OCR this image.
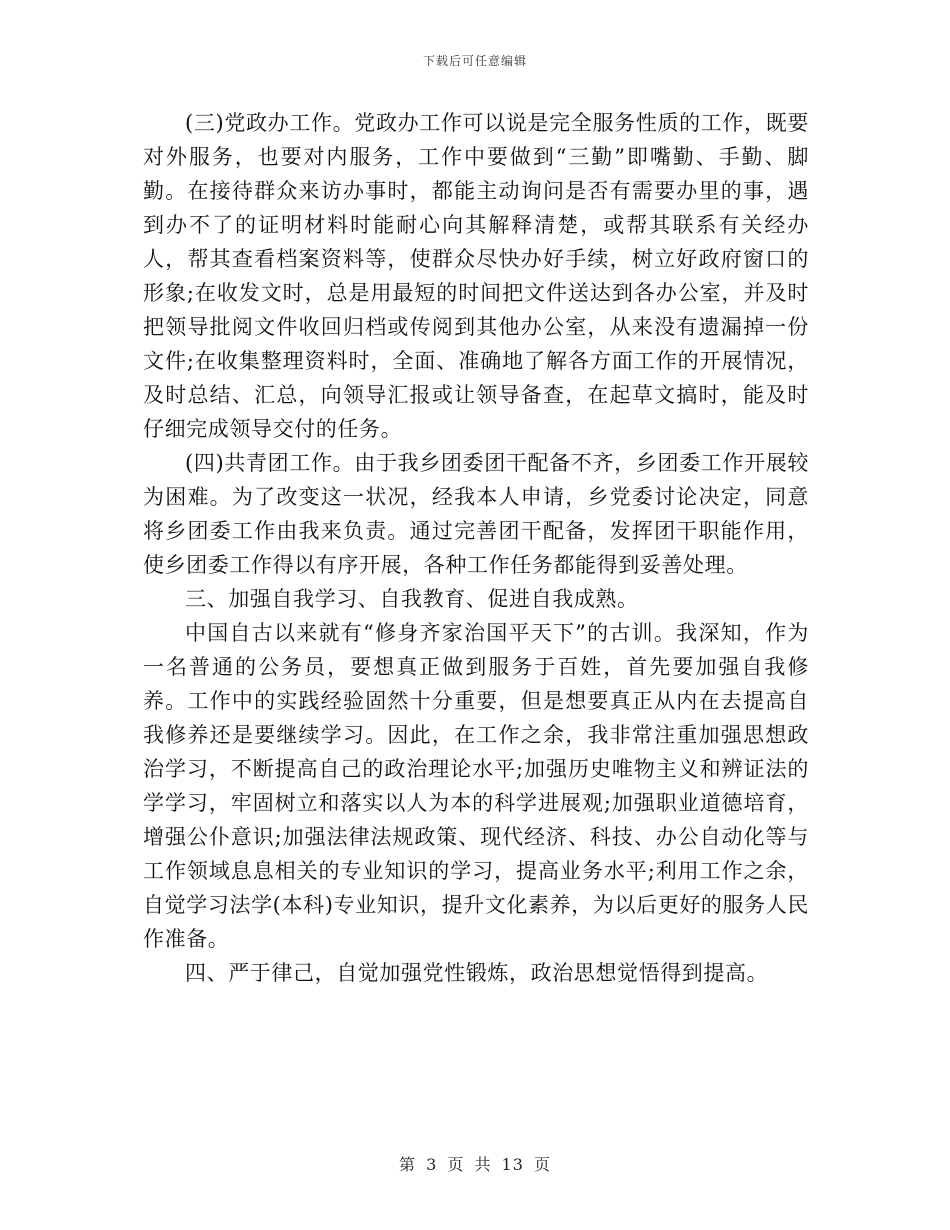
下载后可任意编辑

(三)党政办工作。党政办工作可以说是完全服务性质的工作，既要对外服务，也要对内服务，工作中要做到“三勤”即嘴勤、手勤、脚勤。在接待群众来访办事时，都能主动询问是否有需要办里的事，遇到办不了的证明材料时能耐心向其解释清楚，或帮其联系有关经办人，帮其查看档案资料等，使群众尽快办好手续，树立好政府窗口的形象;在收发文时，总是用最短的时间把文件送达到各办公室，并及时把领导批阅文件收回归档或传阅到其他办公室，从来没有遗漏掉一份文件;在收集整理资料时，全面、准确地了解各方面工作的开展情况，及时总结、汇总，向领导汇报或让领导备查，在起草文搞时，能及时仔细完成领导交付的任务。

(四)共青团工作。由于我乡团委团干配备不齐，乡团委工作开展较为困难。为了改变这一状况，经我本人申请，乡党委讨论决定，同意将乡团委工作由我来负责。通过完善团干配备，发挥团干职能作用，使乡团委工作得以有序开展，各种工作任务都能得到妥善处理。

三、加强自我学习、自我教育、促进自我成熟。

中国自古以来就有“修身齐家治国平天下”的古训。我深知，作为一名普通的公务员，要想真正做到服务于百姓，首先要加强自我修养。工作中的实践经验固然十分重要，但是想要真正从内在去提高自我修养还是要继续学习。因此，在工作之余，我非常注重加强思想政治学习，不断提高自己的政治理论水平;加强历史唯物主义和辨证法的学学习，牢固树立和落实以人为本的科学进展观;加强职业道德培育，增强公仆意识;加强法律法规政策、现代经济、科技、办公自动化等与工作领域息息相关的专业知识的学习，提高业务水平;利用工作之余，自觉学习法学(本科)专业知识，提升文化素养，为以后更好的服务人民作准备。

四、严于律己，自觉加强党性锻炼，政治思想觉悟得到提高。

第 3 页 共 13 页
